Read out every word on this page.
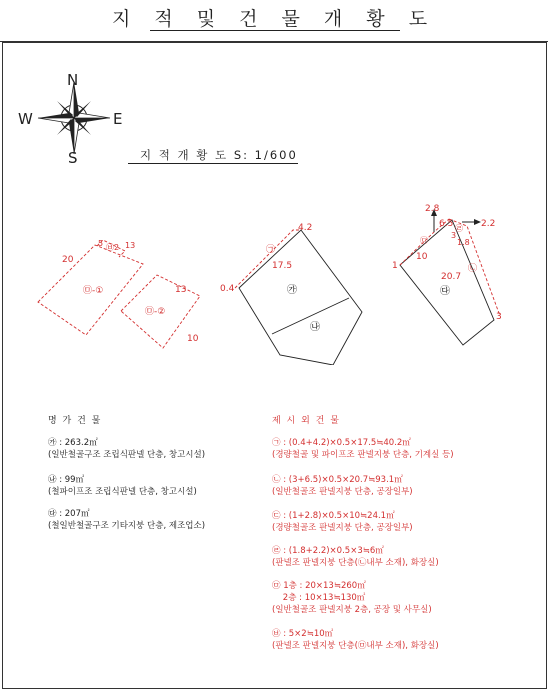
지 적 및 건 물 개 황 도
N
S
E
W
지 적 개 황 도 S: 1/600
20
5 ㉥ 2 13
13
10
㉤-①
㉤-②
4.2
㉠
17.5
0.4	㉮
㉯
2.8
6.5	2.2
㉣
3
1.8
㉢
1
10
20.7
㉡
3
㉰
명 가 건 물
㉮ : 263.2㎡
(일반철골구조 조립식판넬 단층, 창고시설)
㉯ : 99㎡
(철파이프조 조립식판넬 단층, 창고시설)
㉰ : 207㎡
(철일반철골구조 기타지붕 단층, 제조업소)
제 시 외 건 물
㉠ : (0.4+4.2)×0.5×17.5≒40.2㎡
(경량철골 및 파이프조 판넬지붕 단층, 기계실 등)
㉡ : (3+6.5)×0.5×20.7≒93.1㎡
(일반철골조 판넬지붕 단층, 공장일부)
㉢ : (1+2.8)×0.5×10≒24.1㎡
(경량철골조 판넬지붕 단층, 공장일부)
㉣ : (1.8+2.2)×0.5×3≒6㎡
(판넬조 판넬지붕 단층(㉡내부 소재), 화장실)
㉤ 1층 : 20×13≒260㎡
2층 : 10×13≒130㎡
(일반철골조 판넬지붕 2층, 공장 및 사무실)
㉥ : 5×2≒10㎡
(판넬조 판넬지붕 단층(㉤내부 소재), 화장실)
